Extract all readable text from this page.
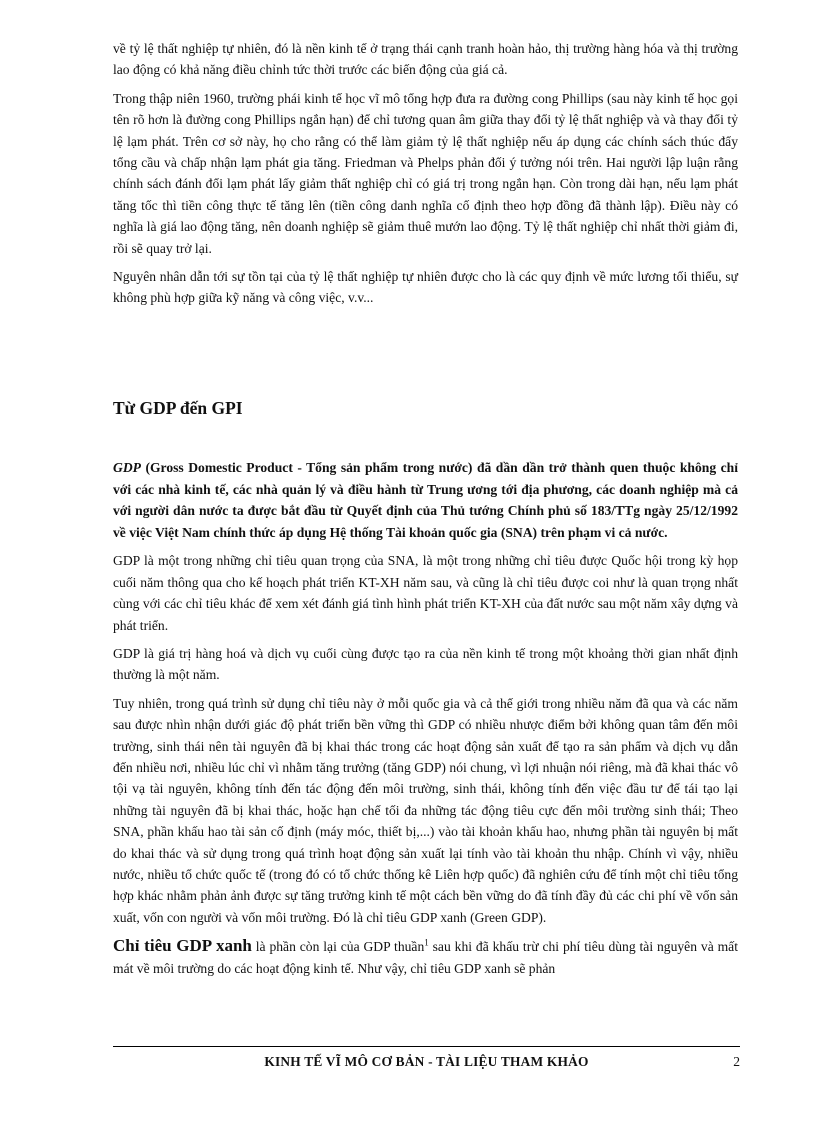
về tỷ lệ thất nghiệp tự nhiên, đó là nền kinh tế ở trạng thái cạnh tranh hoàn hảo, thị trường hàng hóa và thị trường lao động có khả năng điều chỉnh tức thời trước các biến động của giá cả.

Trong thập niên 1960, trường phái kinh tế học vĩ mô tổng hợp đưa ra đường cong Phillips (sau này kinh tế học gọi tên rõ hơn là đường cong Phillips ngắn hạn) để chỉ tương quan âm giữa thay đổi tỷ lệ thất nghiệp và và thay đổi tỷ lệ lạm phát. Trên cơ sở này, họ cho rằng có thể làm giảm tỷ lệ thất nghiệp nếu áp dụng các chính sách thúc đẩy tổng cầu và chấp nhận lạm phát gia tăng. Friedman và Phelps phản đối ý tưởng nói trên. Hai người lập luận rằng chính sách đánh đổi lạm phát lấy giảm thất nghiệp chỉ có giá trị trong ngắn hạn. Còn trong dài hạn, nếu lạm phát tăng tốc thì tiền công thực tế tăng lên (tiền công danh nghĩa cố định theo hợp đồng đã thành lập). Điều này có nghĩa là giá lao động tăng, nên doanh nghiệp sẽ giảm thuê mướn lao động. Tỷ lệ thất nghiệp chỉ nhất thời giảm đi, rồi sẽ quay trở lại.

Nguyên nhân dẫn tới sự tồn tại của tỷ lệ thất nghiệp tự nhiên được cho là các quy định về mức lương tối thiểu, sự không phù hợp giữa kỹ năng và công việc, v.v...

Từ GDP đến GPI

GDP (Gross Domestic Product - Tổng sản phẩm trong nước) đã dần dần trở thành quen thuộc không chỉ với các nhà kinh tế, các nhà quản lý và điều hành từ Trung ương tới địa phương, các doanh nghiệp mà cả với người dân nước ta được bắt đầu từ Quyết định của Thủ tướng Chính phủ số 183/TTg ngày 25/12/1992 về việc Việt Nam chính thức áp dụng Hệ thống Tài khoản quốc gia (SNA) trên phạm vi cả nước.

GDP là một trong những chỉ tiêu quan trọng của SNA, là một trong những chỉ tiêu được Quốc hội trong kỳ họp cuối năm thông qua cho kế hoạch phát triển KT-XH năm sau, và cũng là chỉ tiêu được coi như là quan trọng nhất cùng với các chỉ tiêu khác để xem xét đánh giá tình hình phát triển KT-XH của đất nước sau một năm xây dựng và phát triển.

GDP là giá trị hàng hoá và dịch vụ cuối cùng được tạo ra của nền kinh tế trong một khoảng thời gian nhất định thường là một năm.

Tuy nhiên, trong quá trình sử dụng chỉ tiêu này ở mỗi quốc gia và cả thế giới trong nhiều năm đã qua và các năm sau được nhìn nhận dưới giác độ phát triển bền vững thì GDP có nhiều nhược điểm bởi không quan tâm đến môi trường, sinh thái nên tài nguyên đã bị khai thác trong các hoạt động sản xuất để tạo ra sản phẩm và dịch vụ dẫn đến nhiều nơi, nhiều lúc chỉ vì nhằm tăng trưởng (tăng GDP) nói chung, vì lợi nhuận nói riêng, mà đã khai thác vô tội vạ tài nguyên, không tính đến tác động đến môi trường, sinh thái, không tính đến việc đầu tư để tái tạo lại những tài nguyên đã bị khai thác, hoặc hạn chế tối đa những tác động tiêu cực đến môi trường sinh thái; Theo SNA, phần khấu hao tài sản cố định (máy móc, thiết bị,...) vào tài khoản khấu hao, nhưng phần tài nguyên bị mất do khai thác và sử dụng trong quá trình hoạt động sản xuất lại tính vào tài khoản thu nhập. Chính vì vậy, nhiều nước, nhiều tổ chức quốc tế (trong đó có tổ chức thống kê Liên hợp quốc) đã nghiên cứu để tính một chỉ tiêu tổng hợp khác nhằm phản ảnh được sự tăng trưởng kinh tế một cách bền vững do đã tính đầy đủ các chi phí về vốn sản xuất, vốn con người và vốn môi trường. Đó là chỉ tiêu GDP xanh (Green GDP).

Chỉ tiêu GDP xanh là phần còn lại của GDP thuần$^1$ sau khi đã khấu trừ chi phí tiêu dùng tài nguyên và mất mát về môi trường do các hoạt động kinh tế. Như vậy, chỉ tiêu GDP xanh sẽ phản

KINH TẾ VĨ MÔ CƠ BẢN - TÀI LIỆU THAM KHẢO	2
